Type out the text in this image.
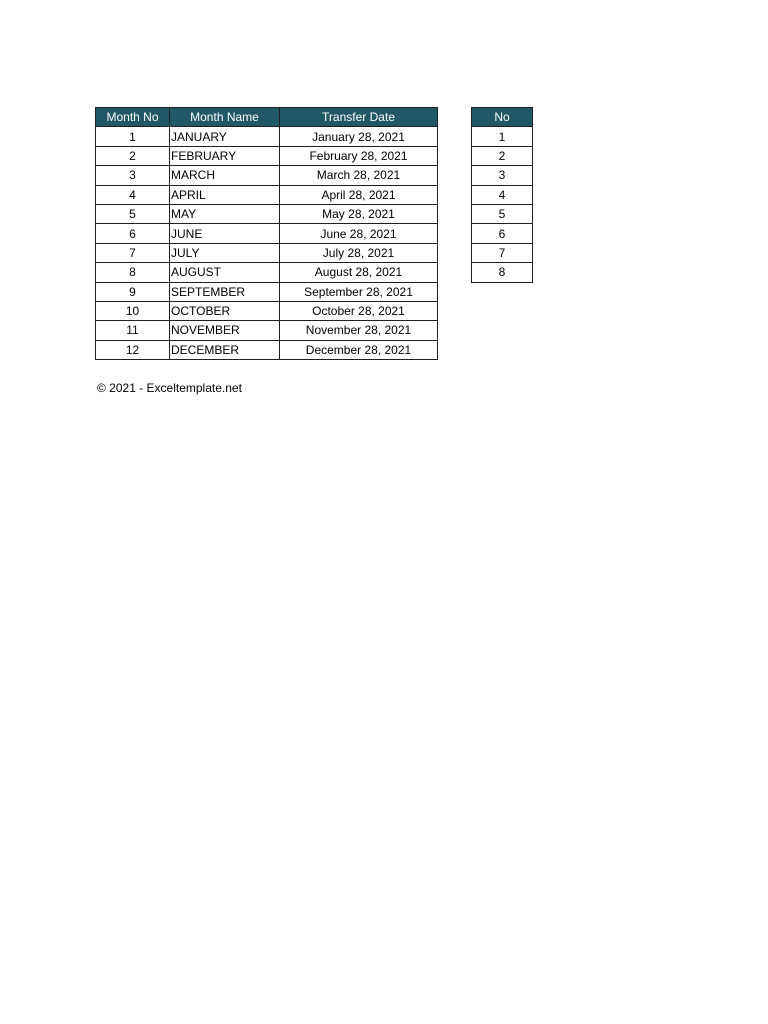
Month No	Month Name	Transfer Date
1	JANUARY	January 28, 2021
2	FEBRUARY	February 28, 2021
3	MARCH	March 28, 2021
4	APRIL	April 28, 2021
5	MAY	May 28, 2021
6	JUNE	June 28, 2021
7	JULY	July 28, 2021
8	AUGUST	August 28, 2021
9	SEPTEMBER	September 28, 2021
10	OCTOBER	October 28, 2021
11	NOVEMBER	November 28, 2021
12	DECEMBER	December 28, 2021
No
1
2
3
4
5
6
7
8
© 2021 - Exceltemplate.net
